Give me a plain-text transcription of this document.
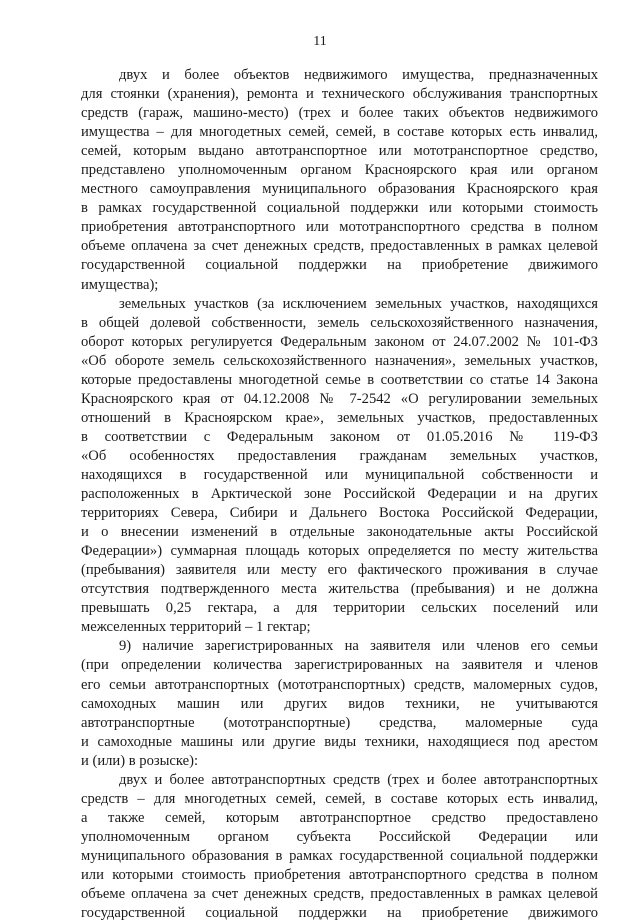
11
двух и более объектов недвижимого имущества, предназначенных
для стоянки (хранения), ремонта и технического обслуживания транспортных
средств (гараж, машино-место) (трех и более таких объектов недвижимого
имущества – для многодетных семей, семей, в составе которых есть инвалид,
семей, которым выдано автотранспортное или мототранспортное средство,
представлено уполномоченным органом Красноярского края или органом
местного самоуправления муниципального образования Красноярского края
в рамках государственной социальной поддержки или которыми стоимость
приобретения автотранспортного или мототранспортного средства в полном
объеме оплачена за счет денежных средств, предоставленных в рамках целевой
государственной социальной поддержки на приобретение движимого
имущества);
земельных участков (за исключением земельных участков, находящихся
в общей долевой собственности, земель сельскохозяйственного назначения,
оборот которых регулируется Федеральным законом от 24.07.2002 № 101-ФЗ
«Об обороте земель сельскохозяйственного назначения», земельных участков,
которые предоставлены многодетной семье в соответствии со статье 14 Закона
Красноярского края от 04.12.2008 № 7-2542 «О регулировании земельных
отношений в Красноярском крае», земельных участков, предоставленных
в соответствии с Федеральным законом от 01.05.2016 № 119-ФЗ
«Об особенностях предоставления гражданам земельных участков,
находящихся в государственной или муниципальной собственности и
расположенных в Арктической зоне Российской Федерации и на других
территориях Севера, Сибири и Дальнего Востока Российской Федерации,
и о внесении изменений в отдельные законодательные акты Российской
Федерации») суммарная площадь которых определяется по месту жительства
(пребывания) заявителя или месту его фактического проживания в случае
отсутствия подтвержденного места жительства (пребывания) и не должна
превышать 0,25 гектара, а для территории сельских поселений или
межселенных территорий – 1 гектар;
9) наличие зарегистрированных на заявителя или членов его семьи
(при определении количества зарегистрированных на заявителя и членов
его семьи автотранспортных (мототранспортных) средств, маломерных судов,
самоходных машин или других видов техники, не учитываются
автотранспортные (мототранспортные) средства, маломерные суда
и самоходные машины или другие виды техники, находящиеся под арестом
и (или) в розыске):
двух и более автотранспортных средств (трех и более автотранспортных
средств – для многодетных семей, семей, в составе которых есть инвалид,
а также семей, которым автотранспортное средство предоставлено
уполномоченным органом субъекта Российской Федерации или
муниципального образования в рамках государственной социальной поддержки
или которыми стоимость приобретения автотранспортного средства в полном
объеме оплачена за счет денежных средств, предоставленных в рамках целевой
государственной социальной поддержки на приобретение движимого
